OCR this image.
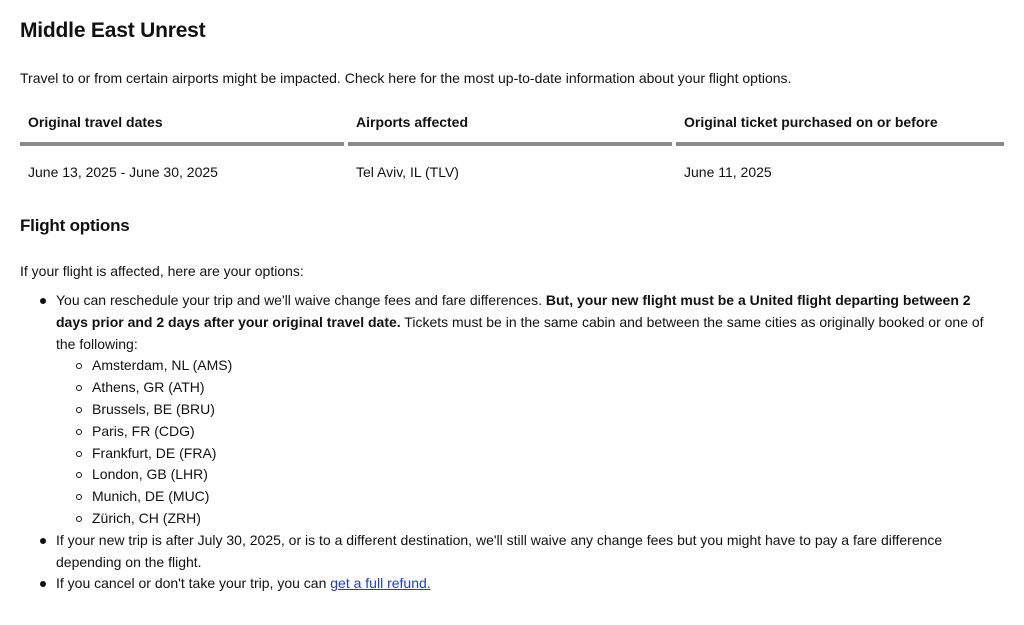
Middle East Unrest

Travel to or from certain airports might be impacted. Check here for the most up-to-date information about your flight options.

Original travel dates	Airports affected	Original ticket purchased on or before
June 13, 2025 - June 30, 2025	Tel Aviv, IL (TLV)	June 11, 2025
Flight options

If your flight is affected, here are your options:

You can reschedule your trip and we'll waive change fees and fare differences. But, your new flight must be a United flight departing between 2 days prior and 2 days after your original travel date. Tickets must be in the same cabin and between the same cities as originally booked or one of the following:
Amsterdam, NL (AMS)
Athens, GR (ATH)
Brussels, BE (BRU)
Paris, FR (CDG)
Frankfurt, DE (FRA)
London, GB (LHR)
Munich, DE (MUC)
Zürich, CH (ZRH)
If your new trip is after July 30, 2025, or is to a different destination, we'll still waive any change fees but you might have to pay a fare difference depending on the flight.
If you cancel or don't take your trip, you can get a full refund.
